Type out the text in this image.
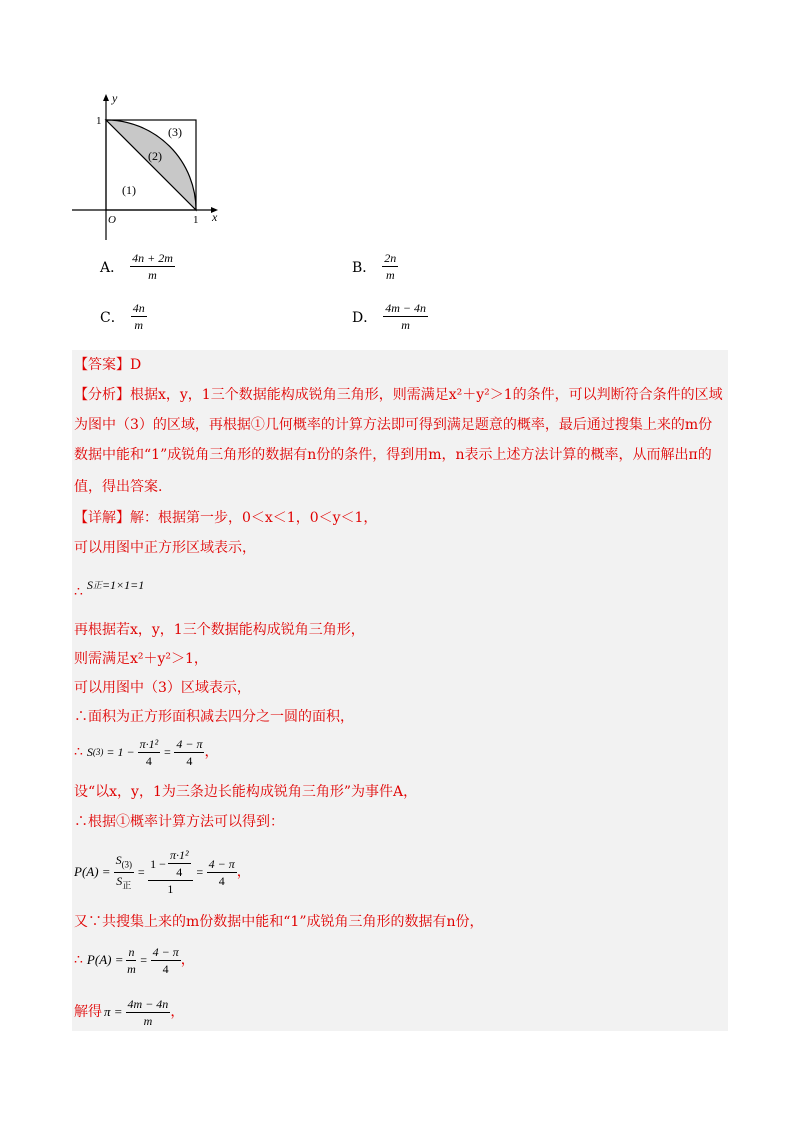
y
x
O	1
1
(1)
(2)
(3)
A． $\frac{4n + 2m}{m}$	B． $\frac{2n}{m}$
C． $\frac{4n}{m}$	D． $\frac{4m - 4n}{m}$
【答案】D
【分析】根据x，y，1三个数据能构成锐角三角形，则需满足x²＋y²＞1的条件，可以判断符合条件的区域
为图中（3）的区域，再根据①几何概率的计算方法即可得到满足题意的概率，最后通过搜集上来的m份
数据中能和“1”成锐角三角形的数据有n份的条件，得到用m，n表示上述方法计算的概率，从而解出π的
值，得出答案.
【详解】解：根据第一步，0＜x＜1，0＜y＜1，
可以用图中正方形区域表示，
∴ S 正 =1×1=1
再根据若x，y，1三个数据能构成锐角三角形，
则需满足x²＋y²＞1，
可以用图中（3）区域表示，
∴面积为正方形面积减去四分之一圆的面积，
∴ S $(3) = 1 - \frac{\text{π·1²}}{4} = \frac{4 - \pi}{4}$ ，
设“以x，y，1为三条边长能构成锐角三角形”为事件A，
∴根据①概率计算方法可以得到：
$P(A) = \frac{S_{(3)}}{S_正} = \frac{1 - \frac{\text{π·1²}}{4}}{1} = \frac{4 - \pi}{4}$ ，
又∵共搜集上来的m份数据中能和“1”成锐角三角形的数据有n份，
∴ $P(A) = \frac{n}{m} = \frac{4 - \pi}{4}$ ，
解得 $\pi = \frac{4m - 4n}{m}$ ，
